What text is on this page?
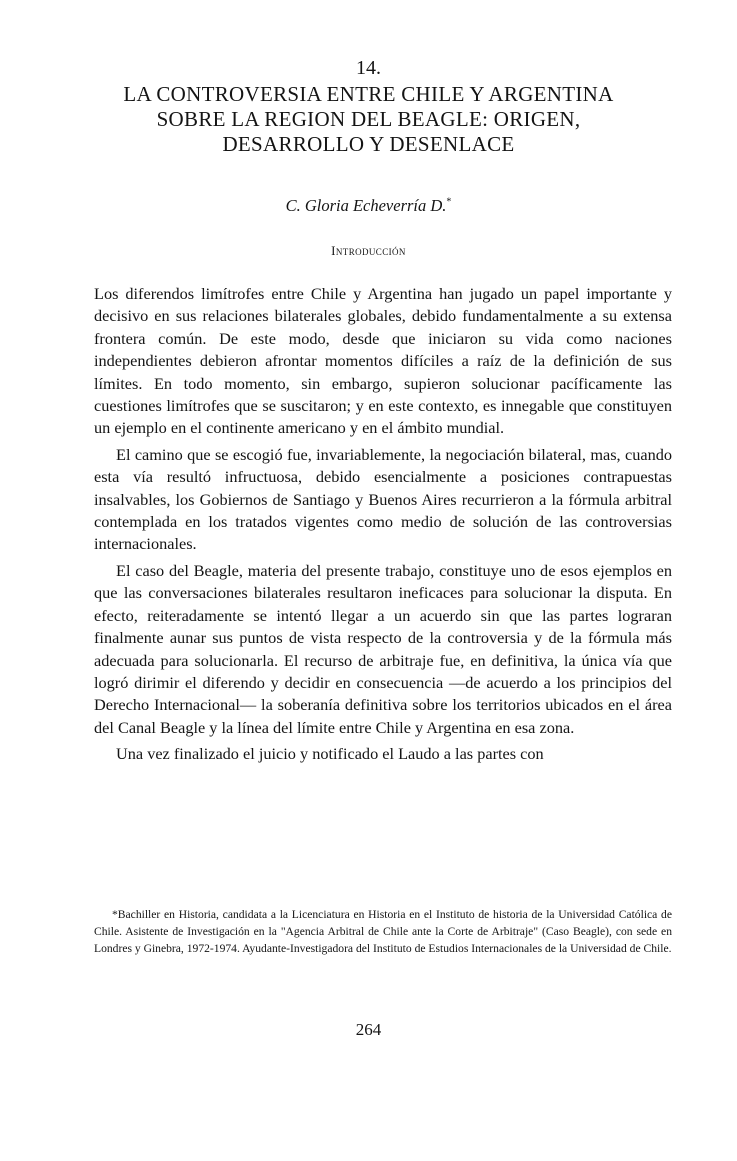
14.
LA CONTROVERSIA ENTRE CHILE Y ARGENTINA
SOBRE LA REGION DEL BEAGLE: ORIGEN,
DESARROLLO Y DESENLACE
C. Gloria Echeverría D.*
Introducción

Los diferendos limítrofes entre Chile y Argentina han jugado un papel importante y decisivo en sus relaciones bilaterales globales, debido fundamentalmente a su extensa frontera común. De este modo, desde que iniciaron su vida como naciones independientes debieron afrontar momentos difíciles a raíz de la definición de sus límites. En todo momento, sin embargo, supieron solucionar pacíficamente las cuestiones limítrofes que se suscitaron; y en este contexto, es innegable que constituyen un ejemplo en el continente americano y en el ámbito mundial.

El camino que se escogió fue, invariablemente, la negociación bilateral, mas, cuando esta vía resultó infructuosa, debido esencialmente a posiciones contrapuestas insalvables, los Gobiernos de Santiago y Buenos Aires recurrieron a la fórmula arbitral contemplada en los tratados vigentes como medio de solución de las controversias internacionales.

El caso del Beagle, materia del presente trabajo, constituye uno de esos ejemplos en que las conversaciones bilaterales resultaron ineficaces para solucionar la disputa. En efecto, reiteradamente se intentó llegar a un acuerdo sin que las partes lograran finalmente aunar sus puntos de vista respecto de la controversia y de la fórmula más adecuada para solucionarla. El recurso de arbitraje fue, en definitiva, la única vía que logró dirimir el diferendo y decidir en consecuencia —de acuerdo a los principios del Derecho Internacional— la soberanía definitiva sobre los territorios ubicados en el área del Canal Beagle y la línea del límite entre Chile y Argentina en esa zona.

Una vez finalizado el juicio y notificado el Laudo a las partes con

*Bachiller en Historia, candidata a la Licenciatura en Historia en el Instituto de historia de la Universidad Católica de Chile. Asistente de Investigación en la "Agencia Arbitral de Chile ante la Corte de Arbitraje" (Caso Beagle), con sede en Londres y Ginebra, 1972-1974. Ayudante-Investigadora del Instituto de Estudios Internacionales de la Universidad de Chile.
264
